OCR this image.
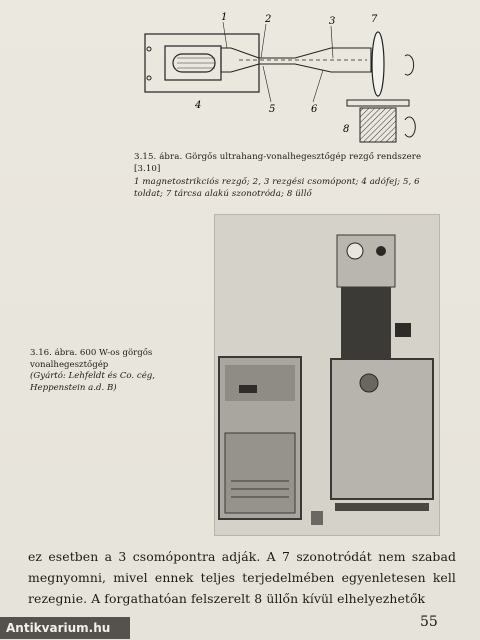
1	2	3	7
4	5	6
8
3.15. ábra. Görgős ultrahang-vonalhegesztőgép rezgő rendszere [3.10]
1 magnetostrikciós rezgő; 2, 3 rezgési csomópont; 4 adófej; 5, 6 toldat; 7 tárcsa alakú szonotróda; 8 üllő
3.16. ábra. 600 W-os görgős vonalhegesztőgép
(Gyártó: Lehfeldt és Co. cég, Heppenstein a.d. B)
ez esetben a 3 csomópontra adják. A 7 szonotródát nem szabad megnyomni, mivel ennek teljes terjedelmében egyenletesen kell rezegnie. A forgathatóan felszerelt 8 üllőn kívül elhelyezhetők
55
Antikvarium.hu
